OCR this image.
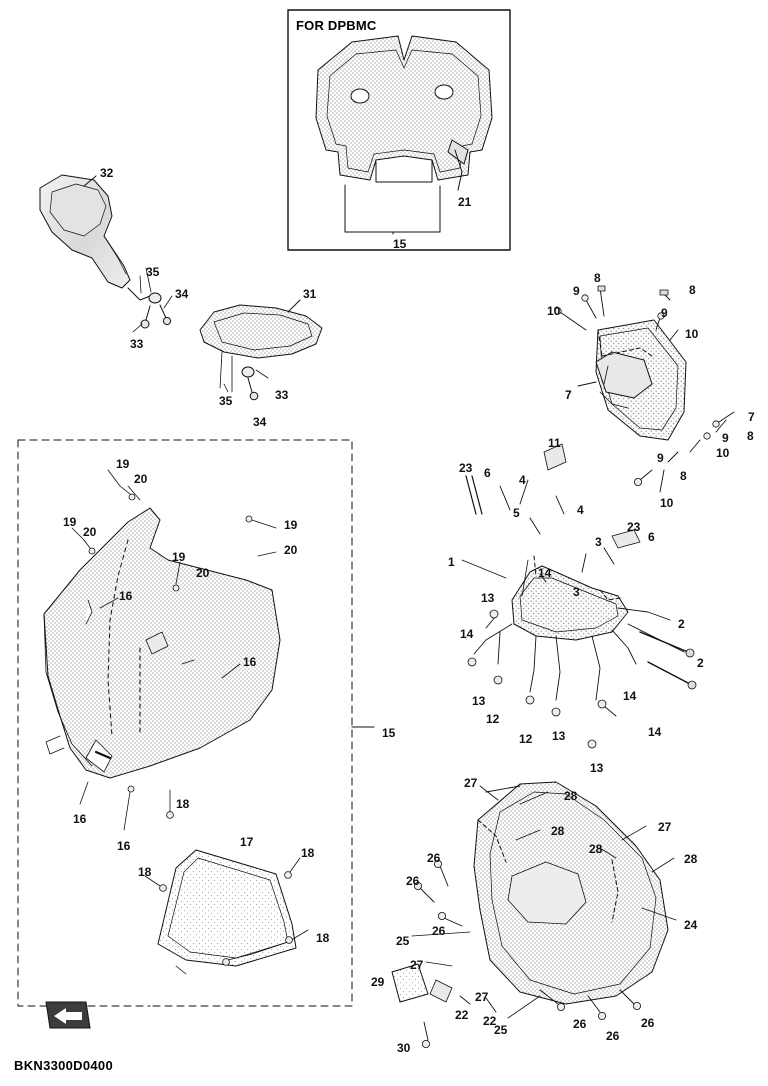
FOR DPBMC
BKN3300D0400
32
35
34
33
31
35	33
34
21
15
8
9
10
8
9
10
7
7
8
10
9
8
9
10
23 6
11
4
5	4
3
23
6
1
14
3
13
14
2
2
13
12
12 13
14
14
13
19
20
19
20
19
20
19
20
16
16
16
16
15
18
17
18
18
18
27
28
28	27
26
26
28
28
24
25
26
29
27
22 22
27
26
26
26
25
30
